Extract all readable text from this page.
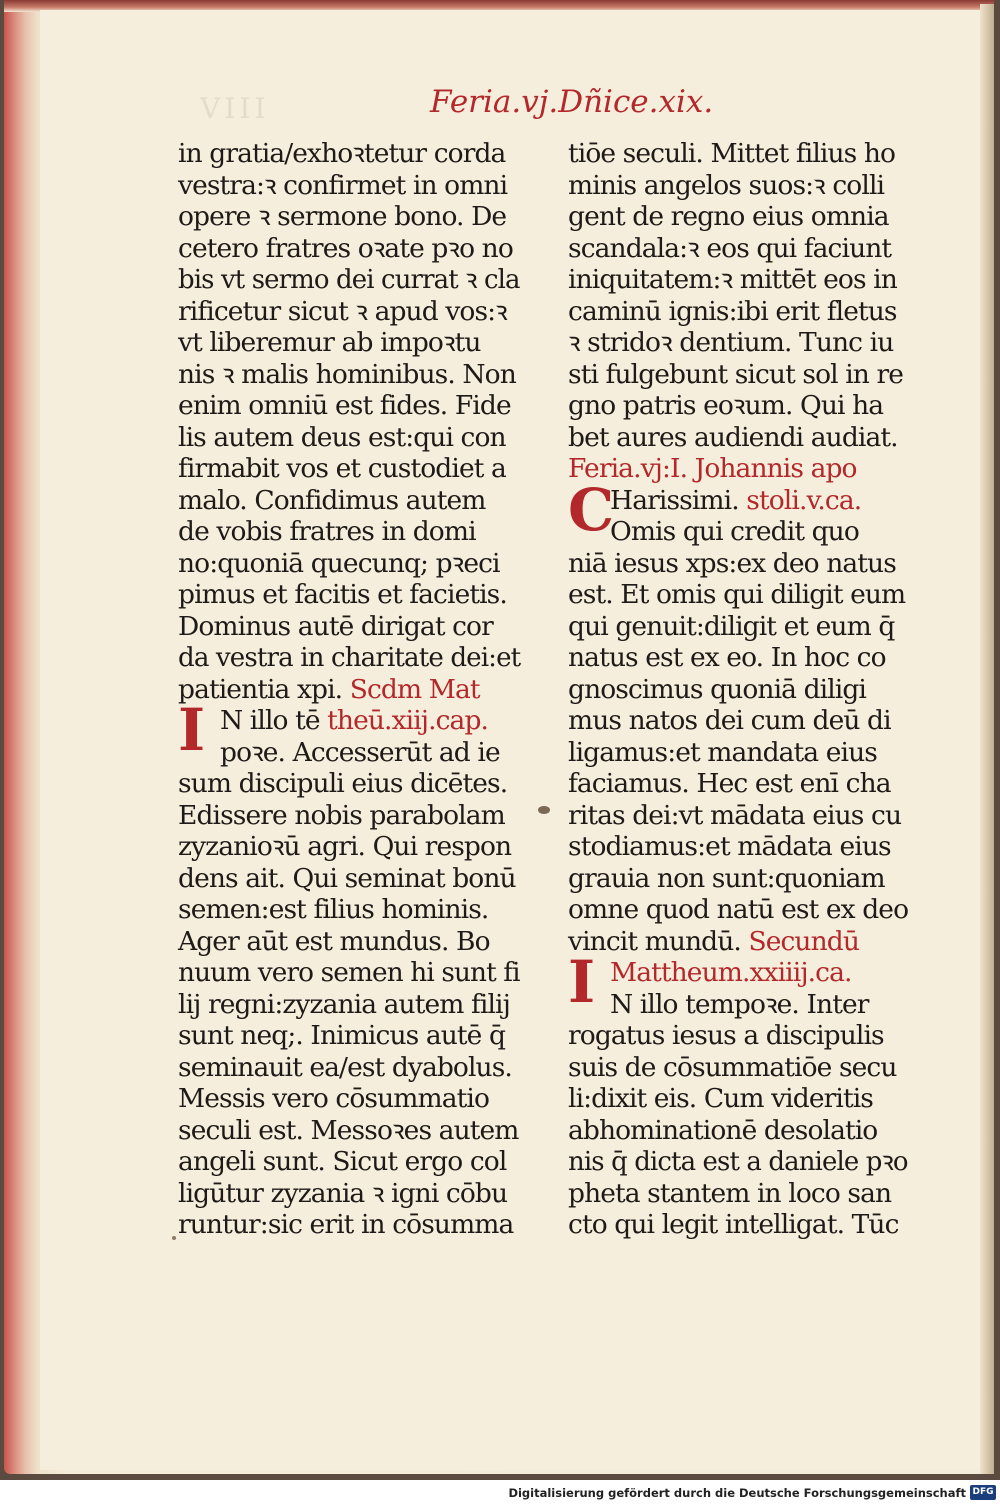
VIII	Feria.vj.Dñice.xix.
in gratia/exhoꝛtetur corda
vestra:ꝛ confirmet in omni
opere ꝛ sermone bono. De
cetero fratres oꝛate pꝛo no
bis vt sermo dei currat ꝛ cla
rificetur sicut ꝛ apud vos:ꝛ
vt liberemur ab impoꝛtu
nis ꝛ malis hominibus. Non
enim omniū est fides. Fide
lis autem deus est:qui con
firmabit vos et custodiet a
malo. Confidimus autem
de vobis fratres in domi
no:quoniā quecunq; pꝛeci
pimus et facitis et facietis.
Dominus autē dirigat cor
da vestra in charitate dei:et
patientia xpi. Scdm Mat
I N illo tē theū.xiij.cap.
poꝛe. Accesserūt ad ie
sum discipuli eius dicētes.
Edissere nobis parabolam
zyzanioꝛū agri. Qui respon
dens ait. Qui seminat bonū
semen:est filius hominis.
Ager aūt est mundus. Bo
nuum vero semen hi sunt fi
lij regni:zyzania autem filij
sunt neq;. Inimicus autē q̄
seminauit ea/est dyabolus.
Messis vero cōsummatio
seculi est. Messoꝛes autem
angeli sunt. Sicut ergo col
ligūtur zyzania ꝛ igni cōbu
runtur:sic erit in cōsumma
tiōe seculi. Mittet filius ho
minis angelos suos:ꝛ colli
gent de regno eius omnia
scandala:ꝛ eos qui faciunt
iniquitatem:ꝛ mittēt eos in
caminū ignis:ibi erit fletus
ꝛ stridoꝛ dentium. Tunc iu
sti fulgebunt sicut sol in re
gno patris eoꝛum. Qui ha
bet aures audiendi audiat.
Feria.vj:I. Johannis apo
CHarissimi. stoli.v.ca.
Omis qui credit quo
niā iesus xps:ex deo natus
est. Et omis qui diligit eum
qui genuit:diligit et eum q̄
natus est ex eo. In hoc co
gnoscimus quoniā diligi
mus natos dei cum deū di
ligamus:et mandata eius
faciamus. Hec est enī cha
ritas dei:vt mādata eius cu
stodiamus:et mādata eius
grauia non sunt:quoniam
omne quod natū est ex deo
vincit mundū. Secundū
I Mattheum.xxiiij.ca.
N illo tempoꝛe. Inter
rogatus iesus a discipulis
suis de cōsummatiōe secu
li:dixit eis. Cum videritis
abhominationē desolatio
nis q̄ dicta est a daniele pꝛo
pheta stantem in loco san
cto qui legit intelligat. Tūc
Digitalisierung gefördert durch die Deutsche Forschungsgemeinschaft DFG
